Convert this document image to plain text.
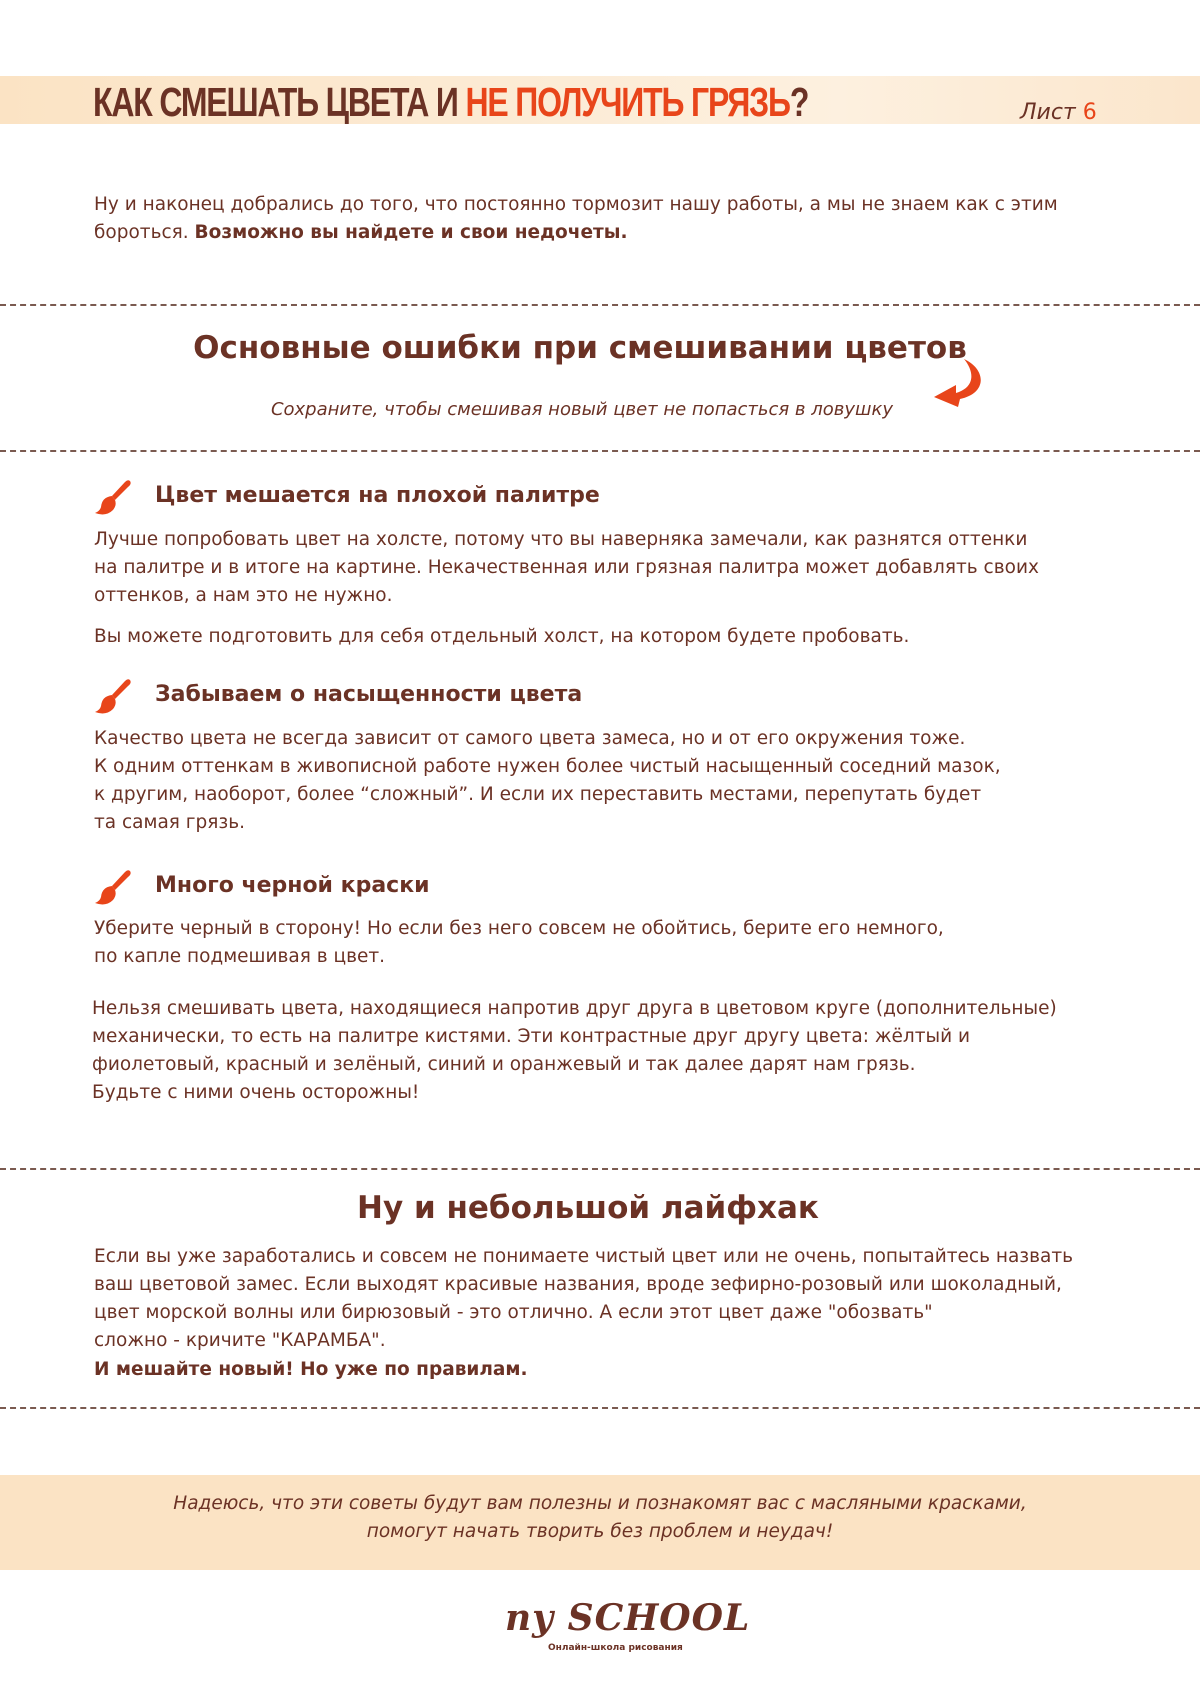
КАК СМЕШАТЬ ЦВЕТА И НЕ ПОЛУЧИТЬ ГРЯЗЬ?	Лист 6
Ну и наконец добрались до того, что постоянно тормозит нашу работы, а мы не знаем как с этим
бороться. Возможно вы найдете и свои недочеты.
Основные ошибки при смешивании цветов
Сохраните, чтобы смешивая новый цвет не попасться в ловушку
Цвет мешается на плохой палитре
Лучше попробовать цвет на холсте, потому что вы наверняка замечали, как разнятся оттенки
на палитре и в итоге на картине. Некачественная или грязная палитра может добавлять своих
оттенков, а нам это не нужно.
Вы можете подготовить для себя отдельный холст, на котором будете пробовать.
Забываем о насыщенности цвета
Качество цвета не всегда зависит от самого цвета замеса, но и от его окружения тоже.
К одним оттенкам в живописной работе нужен более чистый насыщенный соседний мазок,
к другим, наоборот, более “сложный”. И если их переставить местами, перепутать будет
та самая грязь.
Много черной краски
Уберите черный в сторону! Но если без него совсем не обойтись, берите его немного,
по капле подмешивая в цвет.
Нельзя смешивать цвета, находящиеся напротив друг друга в цветовом круге (дополнительные)
механически, то есть на палитре кистями. Эти контрастные друг другу цвета: жёлтый и
фиолетовый, красный и зелёный, синий и оранжевый и так далее дарят нам грязь.
Будьте с ними очень осторожны!
Ну и небольшой лайфхак
Если вы уже заработались и совсем не понимаете чистый цвет или не очень, попытайтесь назвать
ваш цветовой замес. Если выходят красивые названия, вроде зефирно-розовый или шоколадный,
цвет морской волны или бирюзовый - это отлично. А если этот цвет даже "обозвать"
сложно - кричите "КАРАМБА".
И мешайте новый! Но уже по правилам.
Надеюсь, что эти советы будут вам полезны и познакомят вас с масляными красками,
помогут начать творить без проблем и неудач!
ny SCHOOL
Онлайн-школа рисования
